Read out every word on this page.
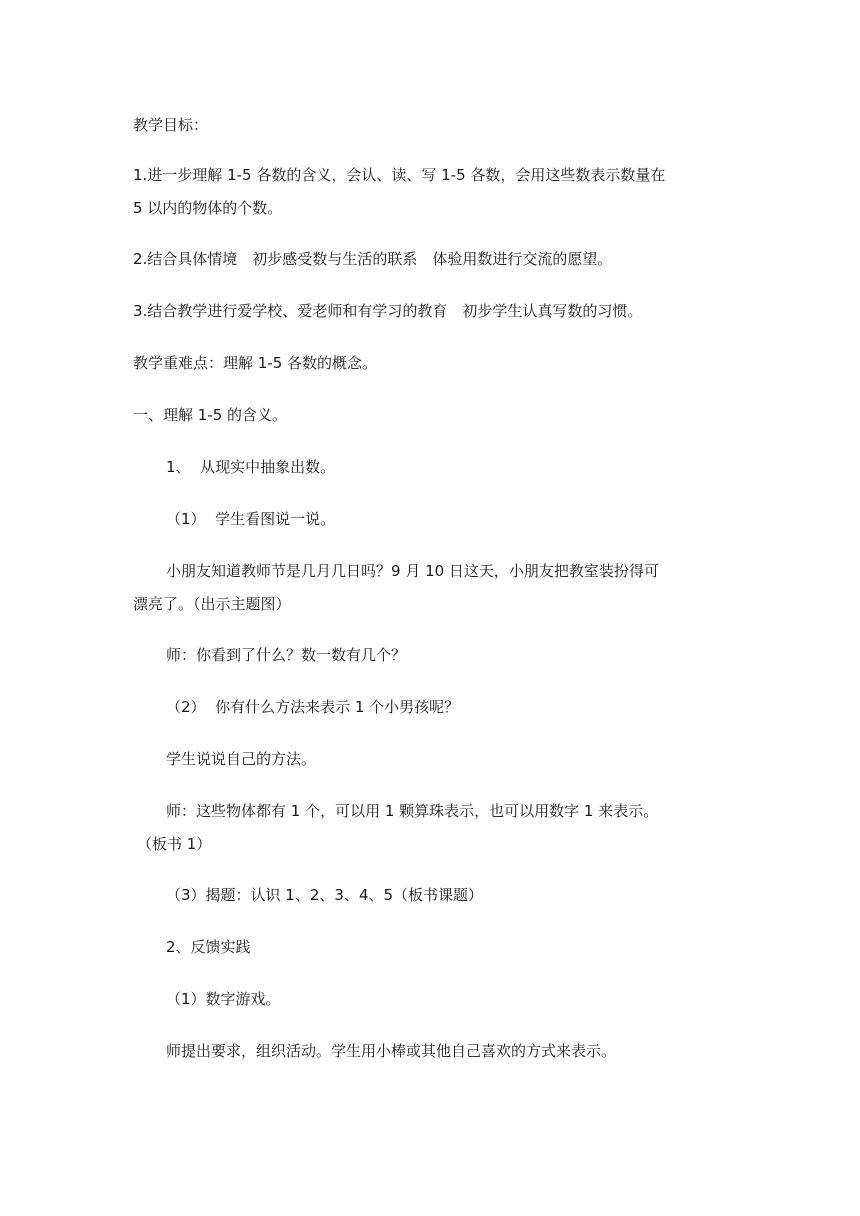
教学目标：

1.进一步理解 1-5 各数的含义，会认、读、写 1-5 各数，会用这些数表示数量在

5 以内的物体的个数。

2.结合具体情境　初步感受数与生活的联系　体验用数进行交流的愿望。

3.结合教学进行爱学校、爱老师和有学习的教育　初步学生认真写数的习惯。

教学重难点：理解 1-5 各数的概念。

一、理解 1-5 的含义。

1、  从现实中抽象出数。

（1）  学生看图说一说。

小朋友知道教师节是几月几日吗？9 月 10 日这天，小朋友把教室装扮得可

漂亮了。（出示主题图）

师：你看到了什么？数一数有几个？

（2）  你有什么方法来表示 1 个小男孩呢？

学生说说自己的方法。

师：这些物体都有 1 个，可以用 1 颗算珠表示，也可以用数字 1 来表示。

（板书 1）

（3）揭题：认识 1、2、3、4、5（板书课题）

2、反馈实践

（1）数字游戏。

师提出要求，组织活动。学生用小棒或其他自己喜欢的方式来表示。
